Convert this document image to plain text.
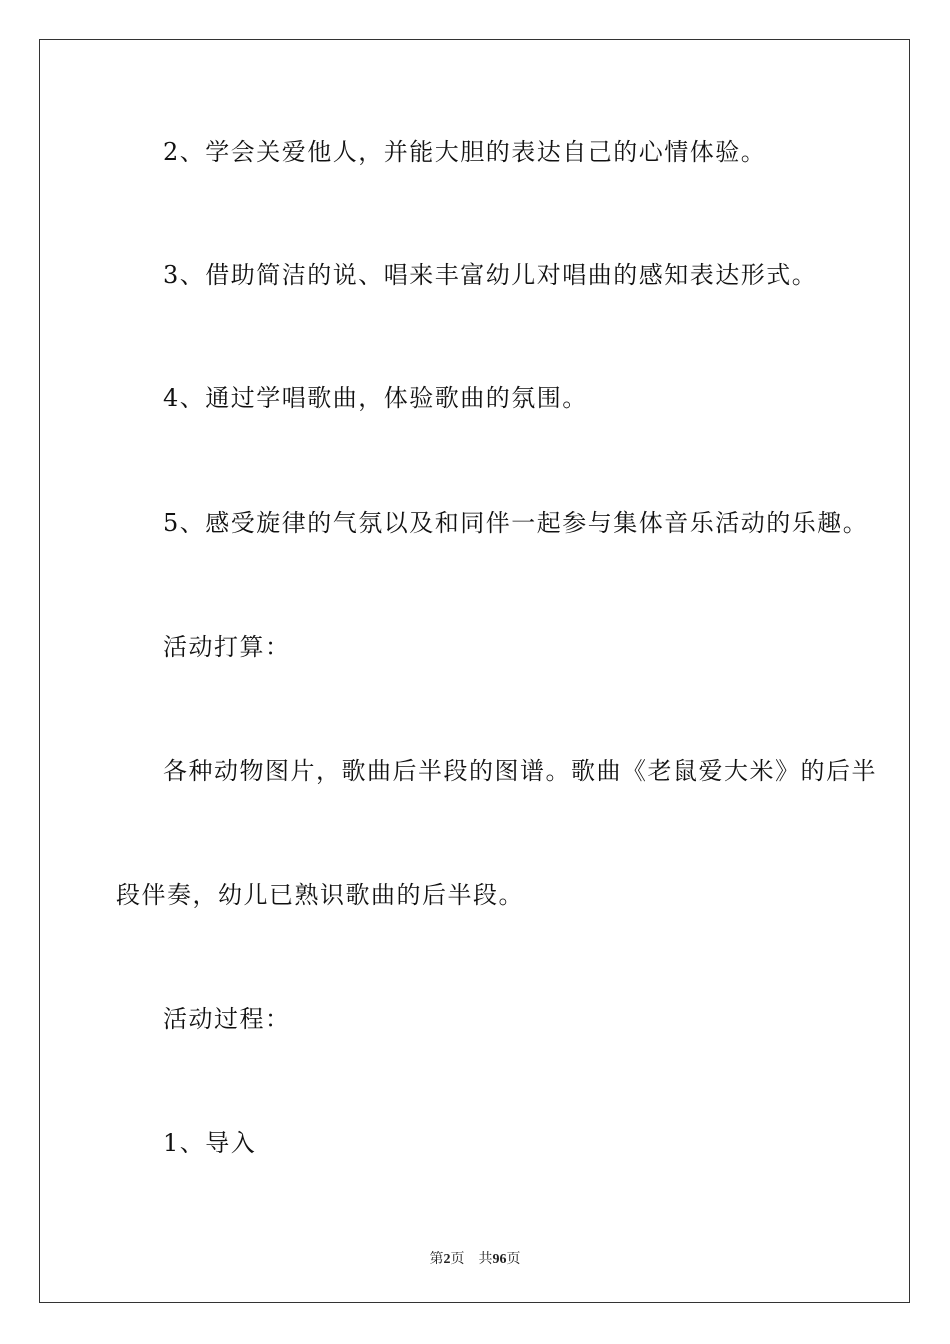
2、学会关爱他人，并能大胆的表达自己的心情体验。
3、借助简洁的说、唱来丰富幼儿对唱曲的感知表达形式。
4、通过学唱歌曲，体验歌曲的氛围。
5、感受旋律的气氛以及和同伴一起参与集体音乐活动的乐趣。
活动打算：
各种动物图片，歌曲后半段的图谱。歌曲《老鼠爱大米》的后半
段伴奏，幼儿已熟识歌曲的后半段。
活动过程：
1、导入
第2页 共96页
